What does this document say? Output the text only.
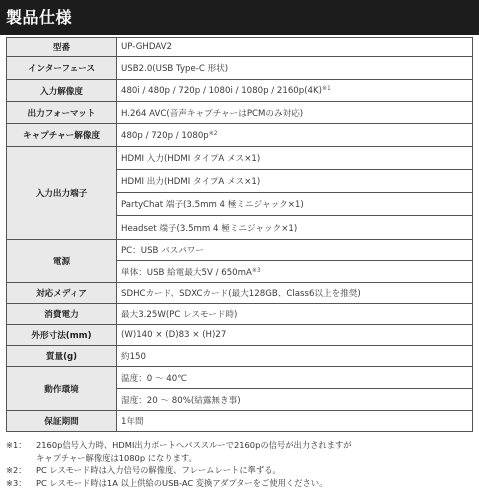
製品仕様
型番	UP-GHDAV2
インターフェース	USB2.0(USB Type-C 形状)
入力解像度	$480i / 480p / 720p / 1080i / 1080p / 2160p(4K)^{※1}$
出力フォーマット	H.264 AVC(音声キャプチャーはPCMのみ対応)
キャプチャー解像度	$480p / 720p / 1080p^{※2}$
入力出力端子	HDMI 入力(HDMI タイプA メス×1)
	HDMI 出力(HDMI タイプA メス×1)
	PartyChat 端子(3.5mm 4 極ミニジャック×1)
	Headset 端子(3.5mm 4 極ミニジャック×1)
電源	PC：USB バスパワー
	単体：USB 給電最大$5V / 650mA^{※3}$
対応メディア	SDHCカード、SDXCカード(最大128GB、Class6以上を推奨)
消費電力	最大3.25W(PC レスモード時)
外形寸法(mm)	(W)140 × (D)83 × (H)27
質量(g)	約150
動作環境	温度：0 ～ 40℃
	湿度：20 ～ 80%(結露無き事)
保証期間	1年間
※1：	2160p信号入力時、HDMI出力ポートへパススルーで2160pの信号が出力されますが
キャプチャー解像度は1080p になります。
※2：	PC レスモード時は入力信号の解像度、フレームレートに準ずる。
※3：	PC レスモード時は1A 以上供給のUSB-AC 変換アダプターをご使用ください。
